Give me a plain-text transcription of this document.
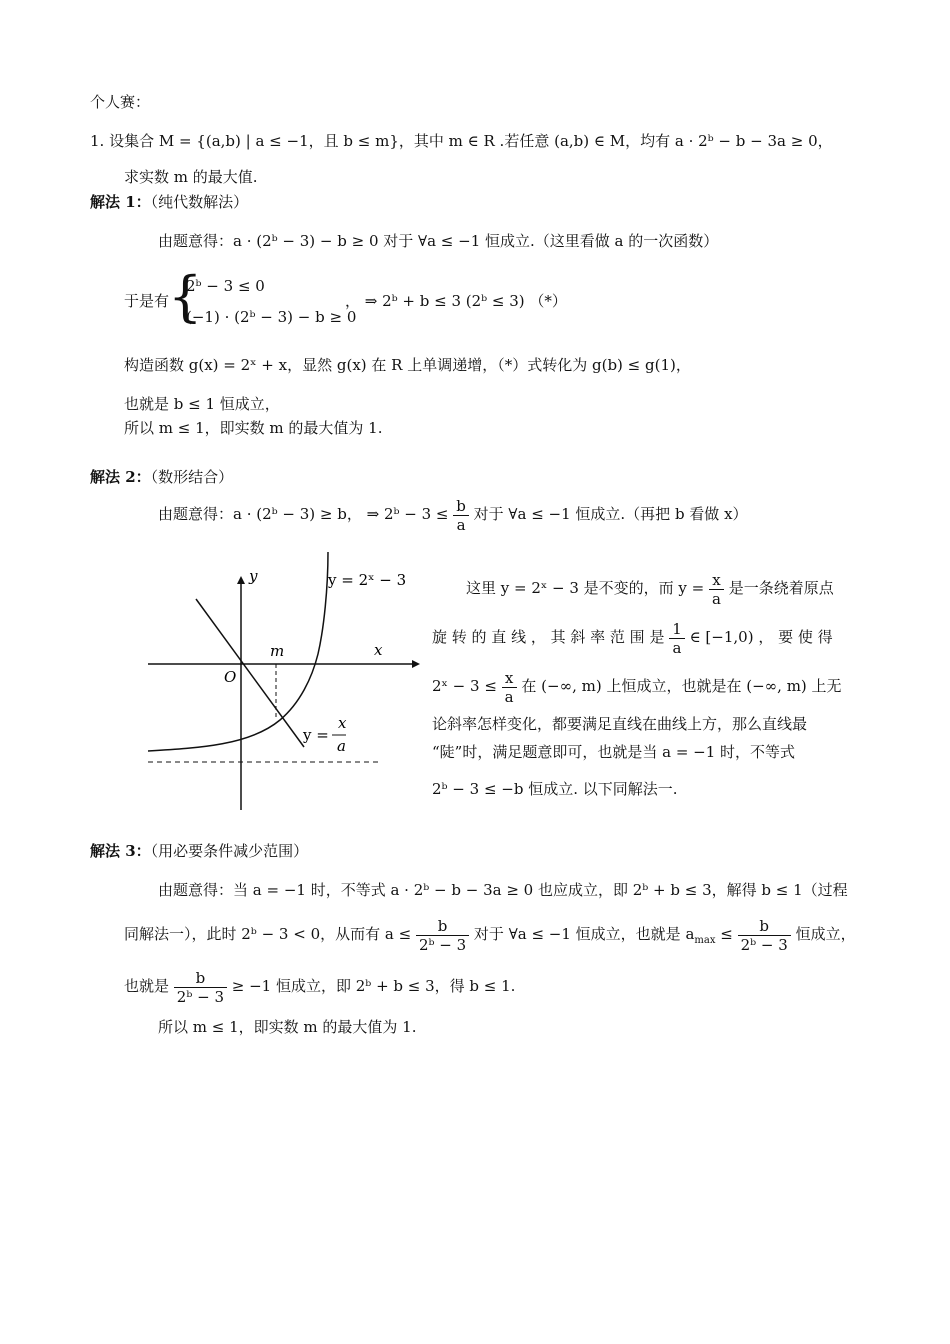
个人赛：
1. 设集合 M = {(a,b) | a ≤ −1，且 b ≤ m}，其中 m ∈ R .若任意 (a,b) ∈ M，均有 a · 2ᵇ − b − 3a ≥ 0，
求实数 m 的最大值.
解法 1：（纯代数解法）
由题意得：a · (2ᵇ − 3) − b ≥ 0 对于 ∀a ≤ −1 恒成立.（这里看做 a 的一次函数）
于是有
{
2ᵇ − 3 ≤ 0
(−1) · (2ᵇ − 3) − b ≥ 0
， ⇒ 2ᵇ + b ≤ 3 (2ᵇ ≤ 3) （*）
构造函数 g(x) = 2ˣ + x，显然 g(x) 在 R 上单调递增，（*）式转化为 g(b) ≤ g(1)，
也就是 b ≤ 1 恒成立，
所以 m ≤ 1，即实数 m 的最大值为 1.
解法 2：（数形结合）
由题意得：a · (2ᵇ − 3) ≥ b， ⇒ 2ᵇ − $3 \le \frac{b}{a}$ 对于 ∀a ≤ −1 恒成立.（再把 b 看做 x）
y
x
O
m
y = 2ˣ − 3
y =
x
a
这里 y = 2ˣ − 3 是不变的，而 $y = \frac{x}{a}$ 是一条绕着原点
旋 转 的 直 线 ， 其 斜 率 范 围 是 $\frac{1}{a}$ ∈ [−1,0) ， 要 使 得
2ˣ − $3 \le \frac{x}{a}$ 在 (−∞, m) 上恒成立，也就是在 (−∞, m) 上无
论斜率怎样变化，都要满足直线在曲线上方，那么直线最
“陡”时，满足题意即可，也就是当 a = −1 时，不等式
2ᵇ − 3 ≤ −b 恒成立. 以下同解法一.
解法 3：（用必要条件减少范围）
由题意得：当 a = −1 时，不等式 a · 2ᵇ − b − 3a ≥ 0 也应成立，即 2ᵇ + b ≤ 3，解得 b ≤ 1（过程
同解法一），此时 2ᵇ − 3 < 0，从而有 $a \le \frac{b}{\text{2ᵇ − 3}}$ 对于 ∀a ≤ −1 恒成立，也就是 $a_{max} \le \frac{b}{\text{2ᵇ − 3}}$ 恒成立，
也就是 $\frac{b}{\text{2ᵇ − 3}} \ge -1$ 恒成立，即 2ᵇ + b ≤ 3，得 b ≤ 1.
所以 m ≤ 1，即实数 m 的最大值为 1.
